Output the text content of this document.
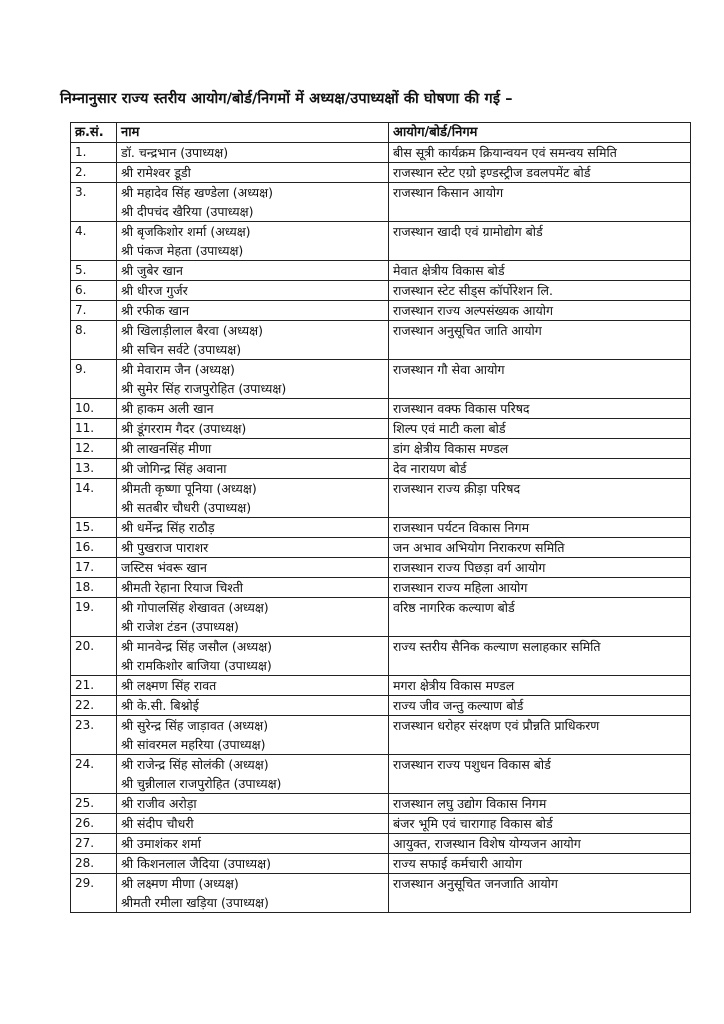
निम्नानुसार राज्य स्तरीय आयोग/बोर्ड/निगमों में अध्यक्ष/उपाध्यक्षों की घोषणा की गई –
क्र.सं.	नाम	आयोग/बोर्ड/निगम
1.	डॉ. चन्द्रभान (उपाध्यक्ष)	बीस सूत्री कार्यक्रम क्रियान्वयन एवं समन्वय समिति

2.	श्री रामेश्वर डूडी	राजस्थान स्टेट एग्रो इण्डस्ट्रीज डवलपमेंट बोर्ड

3.	श्री महादेव सिंह खण्डेला (अध्यक्ष)
श्री दीपचंद खैरिया (उपाध्यक्ष)	राजस्थान किसान आयोग

4.	श्री बृजकिशोर शर्मा (अध्यक्ष)
श्री पंकज मेहता (उपाध्यक्ष)	राजस्थान खादी एवं ग्रामोद्योग बोर्ड

5.	श्री जुबेर खान	मेवात क्षेत्रीय विकास बोर्ड

6.	श्री धीरज गुर्जर	राजस्थान स्टेट सीड्स कॉर्पोरेशन लि.

7.	श्री रफीक खान	राजस्थान राज्य अल्पसंख्यक आयोग

8.	श्री खिलाड़ीलाल बैरवा (अध्यक्ष)
श्री सचिन सर्वटे (उपाध्यक्ष)	राजस्थान अनुसूचित जाति आयोग

9.	श्री मेवाराम जैन (अध्यक्ष)
श्री सुमेर सिंह राजपुरोहित (उपाध्यक्ष)	राजस्थान गौ सेवा आयोग

10.	श्री हाकम अली खान	राजस्थान वक्फ विकास परिषद

11.	श्री डूंगरराम गैदर (उपाध्यक्ष)	शिल्प एवं माटी कला बोर्ड

12.	श्री लाखनसिंह मीणा	डांग क्षेत्रीय विकास मण्डल

13.	श्री जोगिन्द्र सिंह अवाना	देव नारायण बोर्ड

14.	श्रीमती कृष्णा पूनिया (अध्यक्ष)
श्री सतबीर चौधरी (उपाध्यक्ष)	राजस्थान राज्य क्रीड़ा परिषद

15.	श्री धर्मेन्द्र सिंह राठौड़	राजस्थान पर्यटन विकास निगम

16.	श्री पुखराज पाराशर	जन अभाव अभियोग निराकरण समिति

17.	जस्टिस भंवरू खान	राजस्थान राज्य पिछड़ा वर्ग आयोग

18.	श्रीमती रेहाना रियाज चिश्ती	राजस्थान राज्य महिला आयोग

19.	श्री गोपालसिंह शेखावत (अध्यक्ष)
श्री राजेश टंडन (उपाध्यक्ष)	वरिष्ठ नागरिक कल्याण बोर्ड

20.	श्री मानवेन्द्र सिंह जसौल (अध्यक्ष)
श्री रामकिशोर बाजिया (उपाध्यक्ष)	राज्य स्तरीय सैनिक कल्याण सलाहकार समिति

21.	श्री लक्ष्मण सिंह रावत	मगरा क्षेत्रीय विकास मण्डल

22.	श्री के.सी. बिश्नोई	राज्य जीव जन्तु कल्याण बोर्ड

23.	श्री सुरेन्द्र सिंह जाड़ावत (अध्यक्ष)
श्री सांवरमल महरिया (उपाध्यक्ष)	राजस्थान धरोहर संरक्षण एवं प्रौन्नति प्राधिकरण

24.	श्री राजेन्द्र सिंह सोलंकी (अध्यक्ष)
श्री चुन्नीलाल राजपुरोहित (उपाध्यक्ष)	राजस्थान राज्य पशुधन विकास बोर्ड

25.	श्री राजीव अरोड़ा	राजस्थान लघु उद्योग विकास निगम

26.	श्री संदीप चौधरी	बंजर भूमि एवं चारागाह विकास बोर्ड

27.	श्री उमाशंकर शर्मा	आयुक्त, राजस्थान विशेष योग्यजन आयोग

28.	श्री किशनलाल जैदिया (उपाध्यक्ष)	राज्य सफाई कर्मचारी आयोग

29.	श्री लक्ष्मण मीणा (अध्यक्ष)
श्रीमती रमीला खड़िया (उपाध्यक्ष)	राजस्थान अनुसूचित जनजाति आयोग
